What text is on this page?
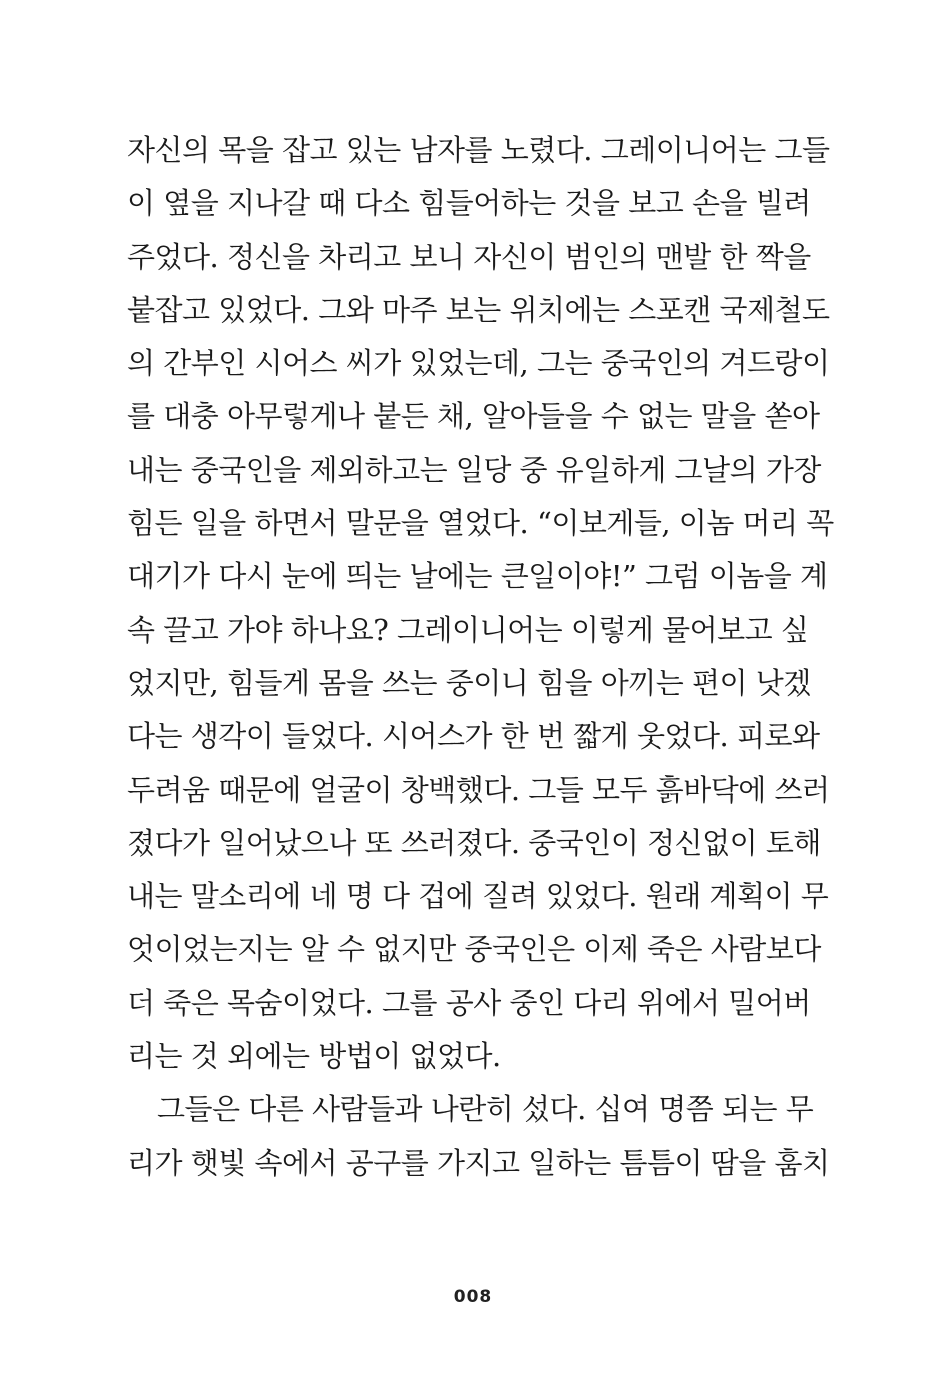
자신의 목을 잡고 있는 남자를 노렸다. 그레이니어는 그들
이 옆을 지나갈 때 다소 힘들어하는 것을 보고 손을 빌려
주었다. 정신을 차리고 보니 자신이 범인의 맨발 한 짝을
붙잡고 있었다. 그와 마주 보는 위치에는 스포캔 국제철도
의 간부인 시어스 씨가 있었는데, 그는 중국인의 겨드랑이
를 대충 아무렇게나 붙든 채, 알아들을 수 없는 말을 쏟아
내는 중국인을 제외하고는 일당 중 유일하게 그날의 가장
힘든 일을 하면서 말문을 열었다. “이보게들, 이놈 머리 꼭
대기가 다시 눈에 띄는 날에는 큰일이야!” 그럼 이놈을 계
속 끌고 가야 하나요? 그레이니어는 이렇게 물어보고 싶
었지만, 힘들게 몸을 쓰는 중이니 힘을 아끼는 편이 낫겠
다는 생각이 들었다. 시어스가 한 번 짧게 웃었다. 피로와
두려움 때문에 얼굴이 창백했다. 그들 모두 흙바닥에 쓰러
졌다가 일어났으나 또 쓰러졌다. 중국인이 정신없이 토해
내는 말소리에 네 명 다 겁에 질려 있었다. 원래 계획이 무
엇이었는지는 알 수 없지만 중국인은 이제 죽은 사람보다
더 죽은 목숨이었다. 그를 공사 중인 다리 위에서 밀어버
리는 것 외에는 방법이 없었다.
그들은 다른 사람들과 나란히 섰다. 십여 명쯤 되는 무
리가 햇빛 속에서 공구를 가지고 일하는 틈틈이 땀을 훔치
008
